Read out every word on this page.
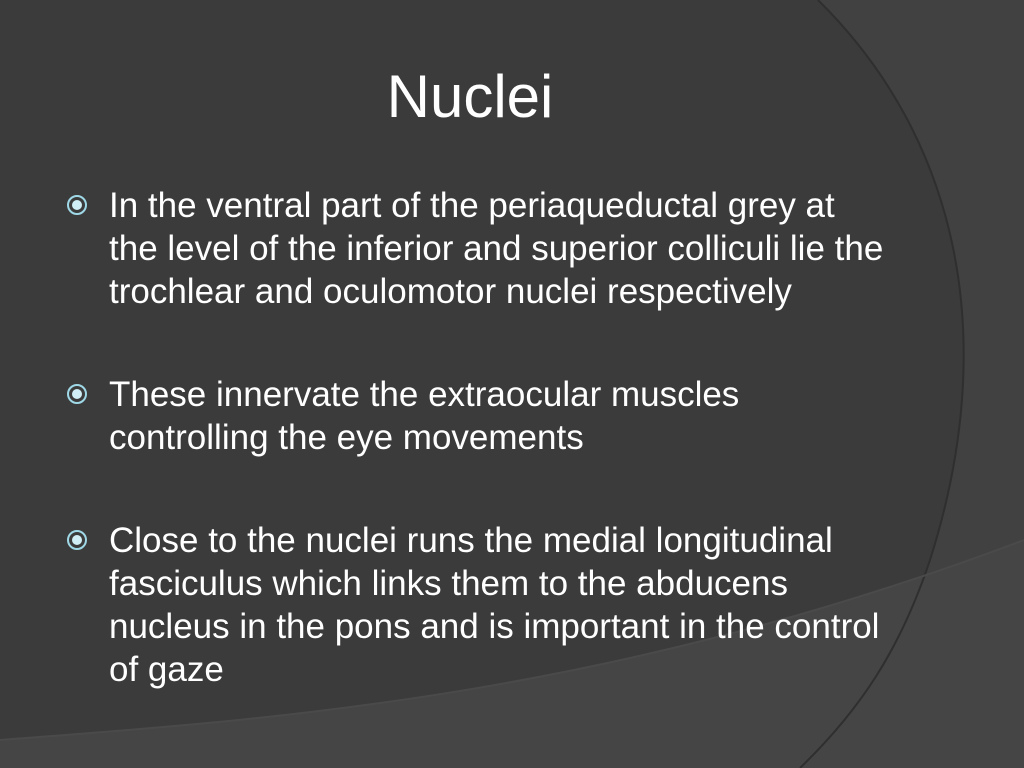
Nuclei
In the ventral part of the periaqueductal grey at the level of the inferior and superior colliculi lie the trochlear and oculomotor nuclei respectively
These innervate the extraocular muscles controlling the eye movements
Close to the nuclei runs the medial longitudinal fasciculus which links them to the abducens nucleus in the pons and is important in the control of gaze
